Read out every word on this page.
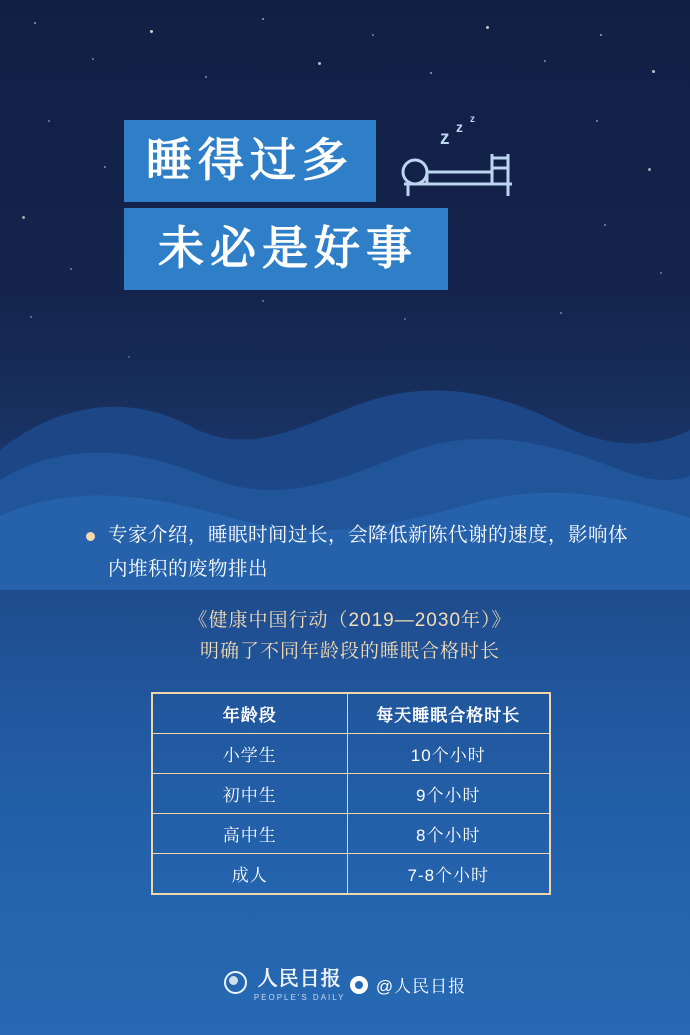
z
z z
睡得过多
未必是好事
专家介绍，睡眠时间过长，会降低新陈代谢的速度，影响体内堆积的废物排出
《健康中国行动（2019—2030年）》
明确了不同年龄段的睡眠合格时长
年龄段	每天睡眠合格时长
小学生	10个小时
初中生	9个小时
高中生	8个小时
成人	7-8个小时
人民日报
PEOPLE'S DAILY

@人民日报
